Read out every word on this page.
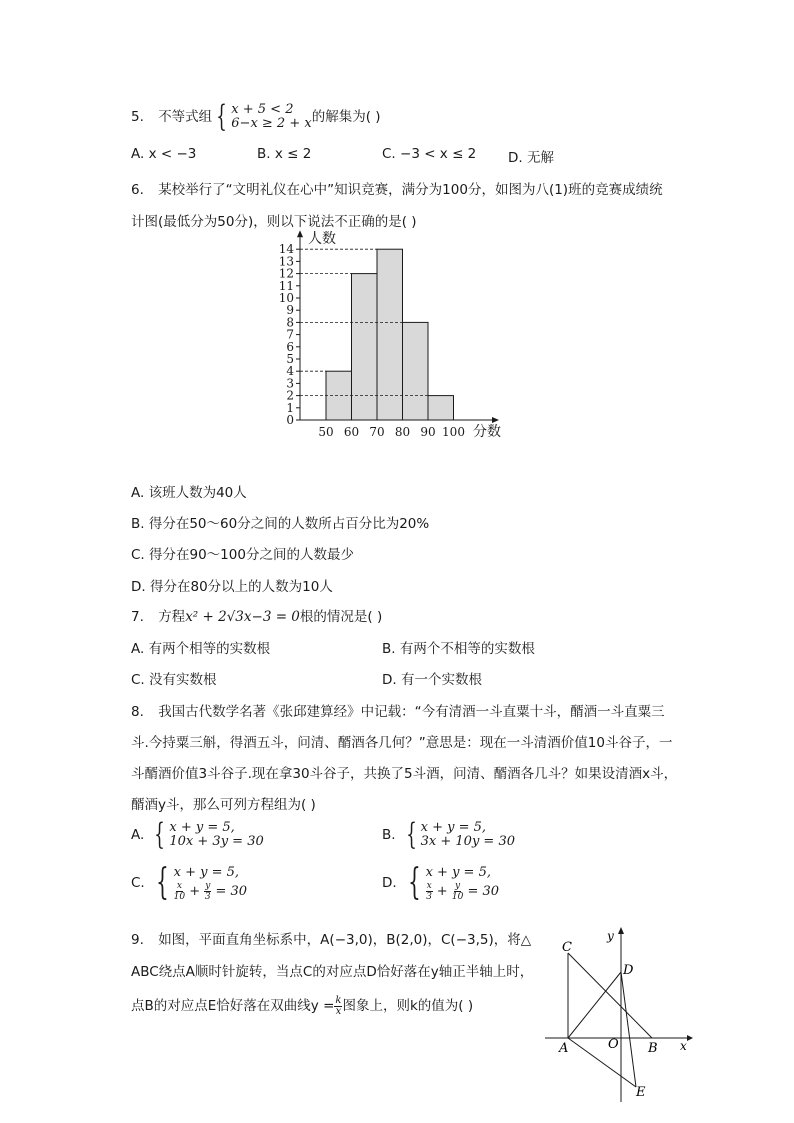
5. 不等式组 { x + 5 < 2
6−x ≥ 2 + x 的解集为( )
A. x < −3	B. x ≤ 2	C. −3 < x ≤ 2 D. 无解
6. 某校举行了“文明礼仪在心中”知识竞赛，满分为100分，如图为八(1)班的竞赛成绩统
计图(最低分为50分)，则以下说法不正确的是( )
0
1
2
3
4
5
6
7
8
9
10
11
12
13
14
50 60 70 80 90 100
人数
分数
A. 该班人数为40人
B. 得分在50～60分之间的人数所占百分比为20%
C. 得分在90～100分之间的人数最少
D. 得分在80分以上的人数为10人
7. 方程x² + 2√3x−3 = 0根的情况是( )
A. 有两个相等的实数根	B. 有两个不相等的实数根
C. 没有实数根	D. 有一个实数根
8. 我国古代数学名著《张邱建算经》中记载：“今有清酒一斗直粟十斗，醑酒一斗直粟三
斗.今持粟三斛，得酒五斗，问清、醑酒各几何？”意思是：现在一斗清酒价值10斗谷子，一
斗醑酒价值3斗谷子.现在拿30斗谷子，共换了5斗酒，问清、醑酒各几斗？如果设清酒x斗，
醑酒y斗，那么可列方程组为( )
A. { x + y = 5,
10x + 3y = 30	B. { x + y = 5,
3x + 10y = 30
C. { x + y = 5,
$\frac{x}{10} + \frac{y}{3} = 30$
D. { x + y = 5,
$\frac{x}{3} + \frac{y}{10} = 30$
9. 如图，平面直角坐标系中，A(−3,0)，B(2,0)，C(−3,5)，将△
ABC绕点A顺时针旋转，当点C的对应点D恰好落在y轴正半轴上时，
点B的对应点E恰好落在双曲线$y = \frac{k}{x}$ 图象上，则k的值为( )
C
D
y
A	O B x
E
